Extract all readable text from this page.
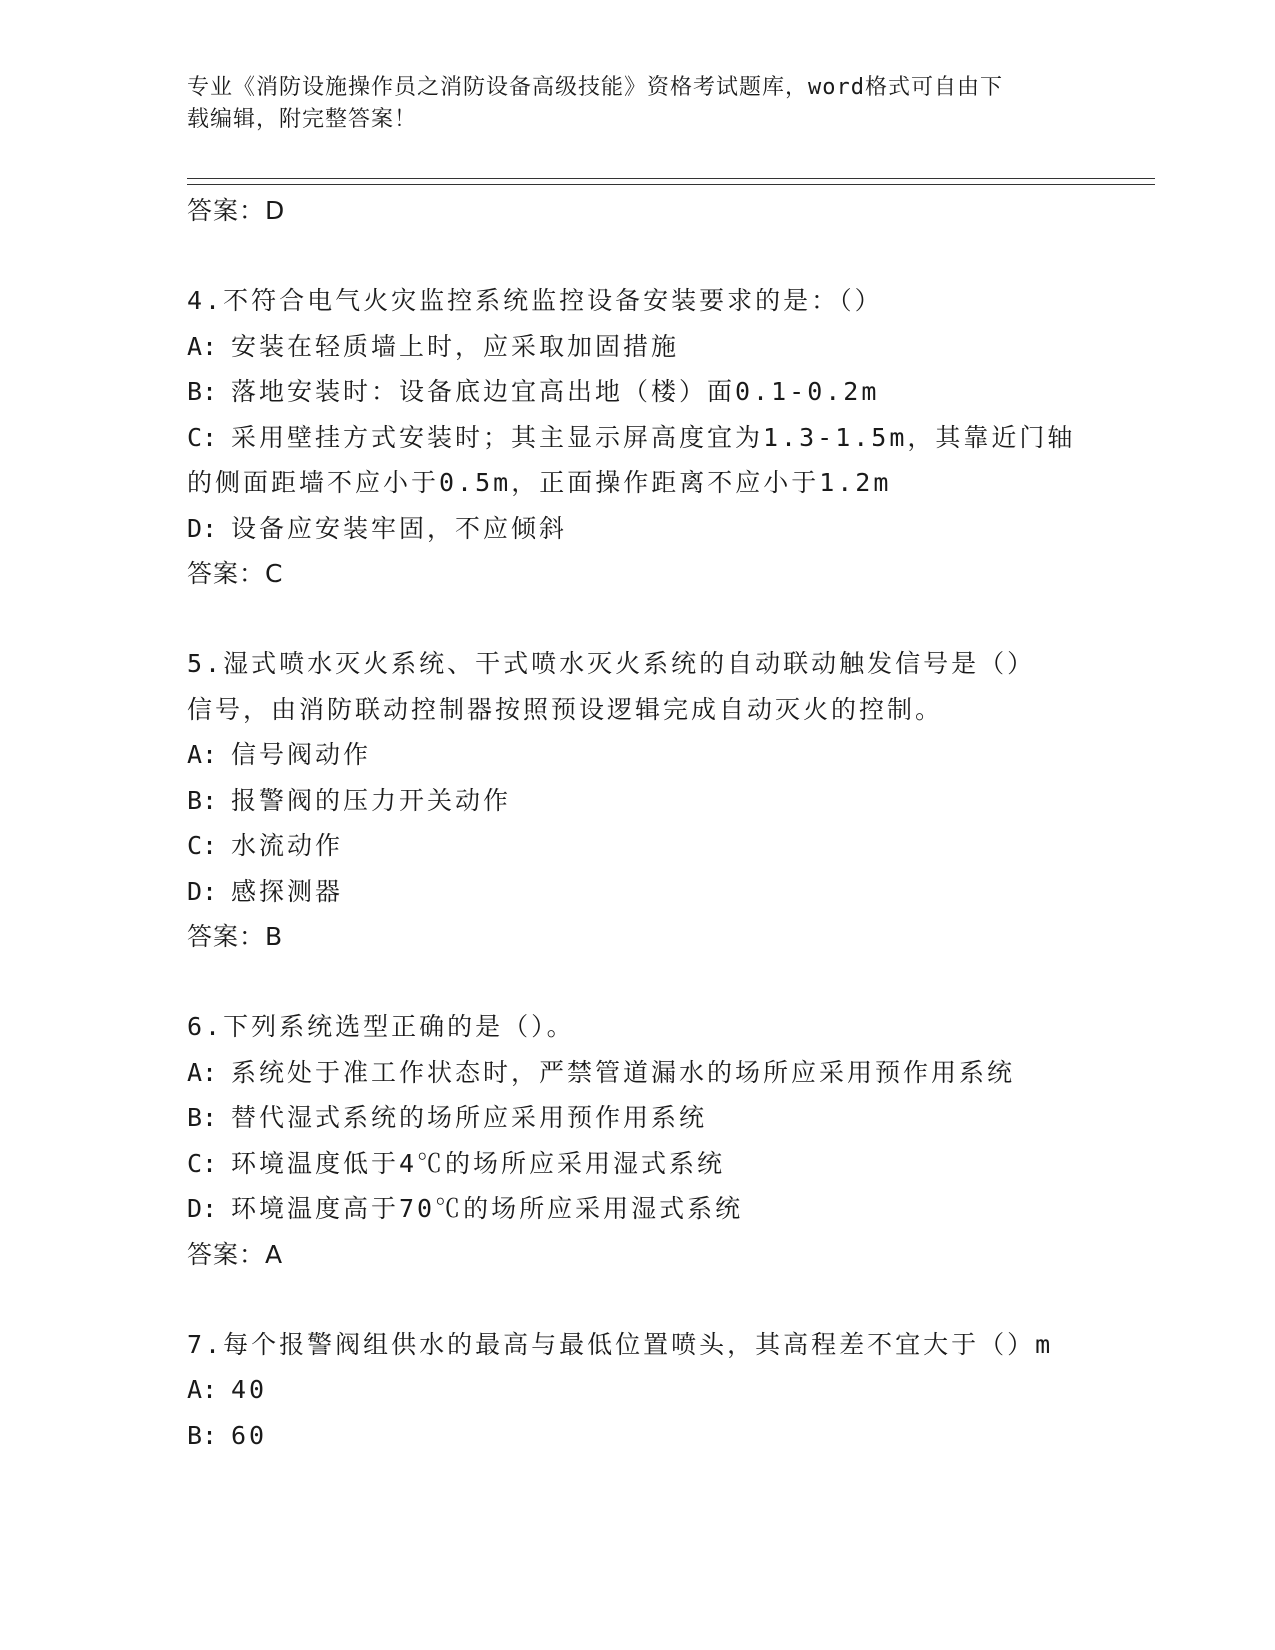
专业《消防设施操作员之消防设备高级技能》资格考试题库，word格式可自由下
载编辑，附完整答案！
答案：D
4.不符合电气火灾监控系统监控设备安装要求的是：（）
A: 安装在轻质墙上时，应采取加固措施
B: 落地安装时：设备底边宜高出地（楼）面0.1-0.2m
C: 采用壁挂方式安装时；其主显示屏高度宜为1.3-1.5m，其靠近门轴
的侧面距墙不应小于0.5m，正面操作距离不应小于1.2m
D: 设备应安装牢固，不应倾斜
答案：C
5.湿式喷水灭火系统、干式喷水灭火系统的自动联动触发信号是（）
信号，由消防联动控制器按照预设逻辑完成自动灭火的控制。
A: 信号阀动作
B: 报警阀的压力开关动作
C: 水流动作
D: 感探测器
答案：B
6.下列系统选型正确的是（）。
A: 系统处于准工作状态时，严禁管道漏水的场所应采用预作用系统
B: 替代湿式系统的场所应采用预作用系统
C: 环境温度低于4℃的场所应采用湿式系统
D: 环境温度高于70℃的场所应采用湿式系统
答案：A
7.每个报警阀组供水的最高与最低位置喷头，其高程差不宜大于（）m
A: 40
B: 60
